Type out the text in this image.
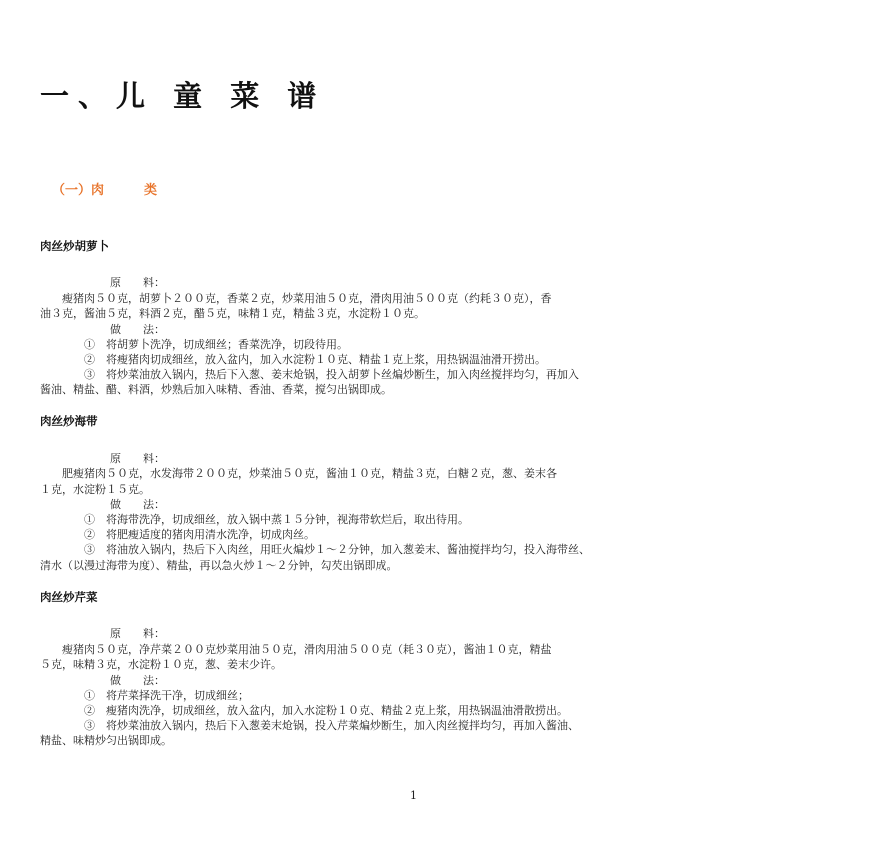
一、儿 童 菜 谱
（一）肉	类
肉丝炒胡萝卜
原　　料：
瘦猪肉５０克，胡萝卜２００克，香菜２克，炒菜用油５０克，滑肉用油５００克（约耗３０克），香
油３克，酱油５克，料酒２克，醋５克，味精１克，精盐３克，水淀粉１０克。
做　　法：
①　将胡萝卜洗净，切成细丝；香菜洗净，切段待用。
②　将瘦猪肉切成细丝，放入盆内，加入水淀粉１０克、精盐１克上浆，用热锅温油滑开捞出。
③　将炒菜油放入锅内，热后下入葱、姜末炝锅，投入胡萝卜丝煸炒断生，加入肉丝搅拌均匀，再加入
酱油、精盐、醋、料酒，炒熟后加入味精、香油、香菜，搅匀出锅即成。
肉丝炒海带
原　　料：
肥瘦猪肉５０克，水发海带２００克，炒菜油５０克，酱油１０克，精盐３克，白糖２克，葱、姜末各
１克，水淀粉１５克。
做　　法：
①　将海带洗净，切成细丝，放入锅中蒸１５分钟，视海带软烂后，取出待用。
②　将肥瘦适度的猪肉用清水洗净，切成肉丝。
③　将油放入锅内，热后下入肉丝，用旺火煸炒１～２分钟，加入葱姜末、酱油搅拌均匀，投入海带丝、
清水（以漫过海带为度）、精盐，再以急火炒１～２分钟，勾芡出锅即成。
肉丝炒芹菜
原　　料：
瘦猪肉５０克，净芹菜２００克炒菜用油５０克，滑肉用油５００克（耗３０克），酱油１０克，精盐
５克，味精３克，水淀粉１０克，葱、姜末少许。
做　　法：
①　将芹菜择洗干净，切成细丝；
②　瘦猪肉洗净，切成细丝，放入盆内，加入水淀粉１０克、精盐２克上浆，用热锅温油滑散捞出。
③　将炒菜油放入锅内，热后下入葱姜末炝锅，投入芹菜煸炒断生，加入肉丝搅拌均匀，再加入酱油、
精盐、味精炒匀出锅即成。
1
